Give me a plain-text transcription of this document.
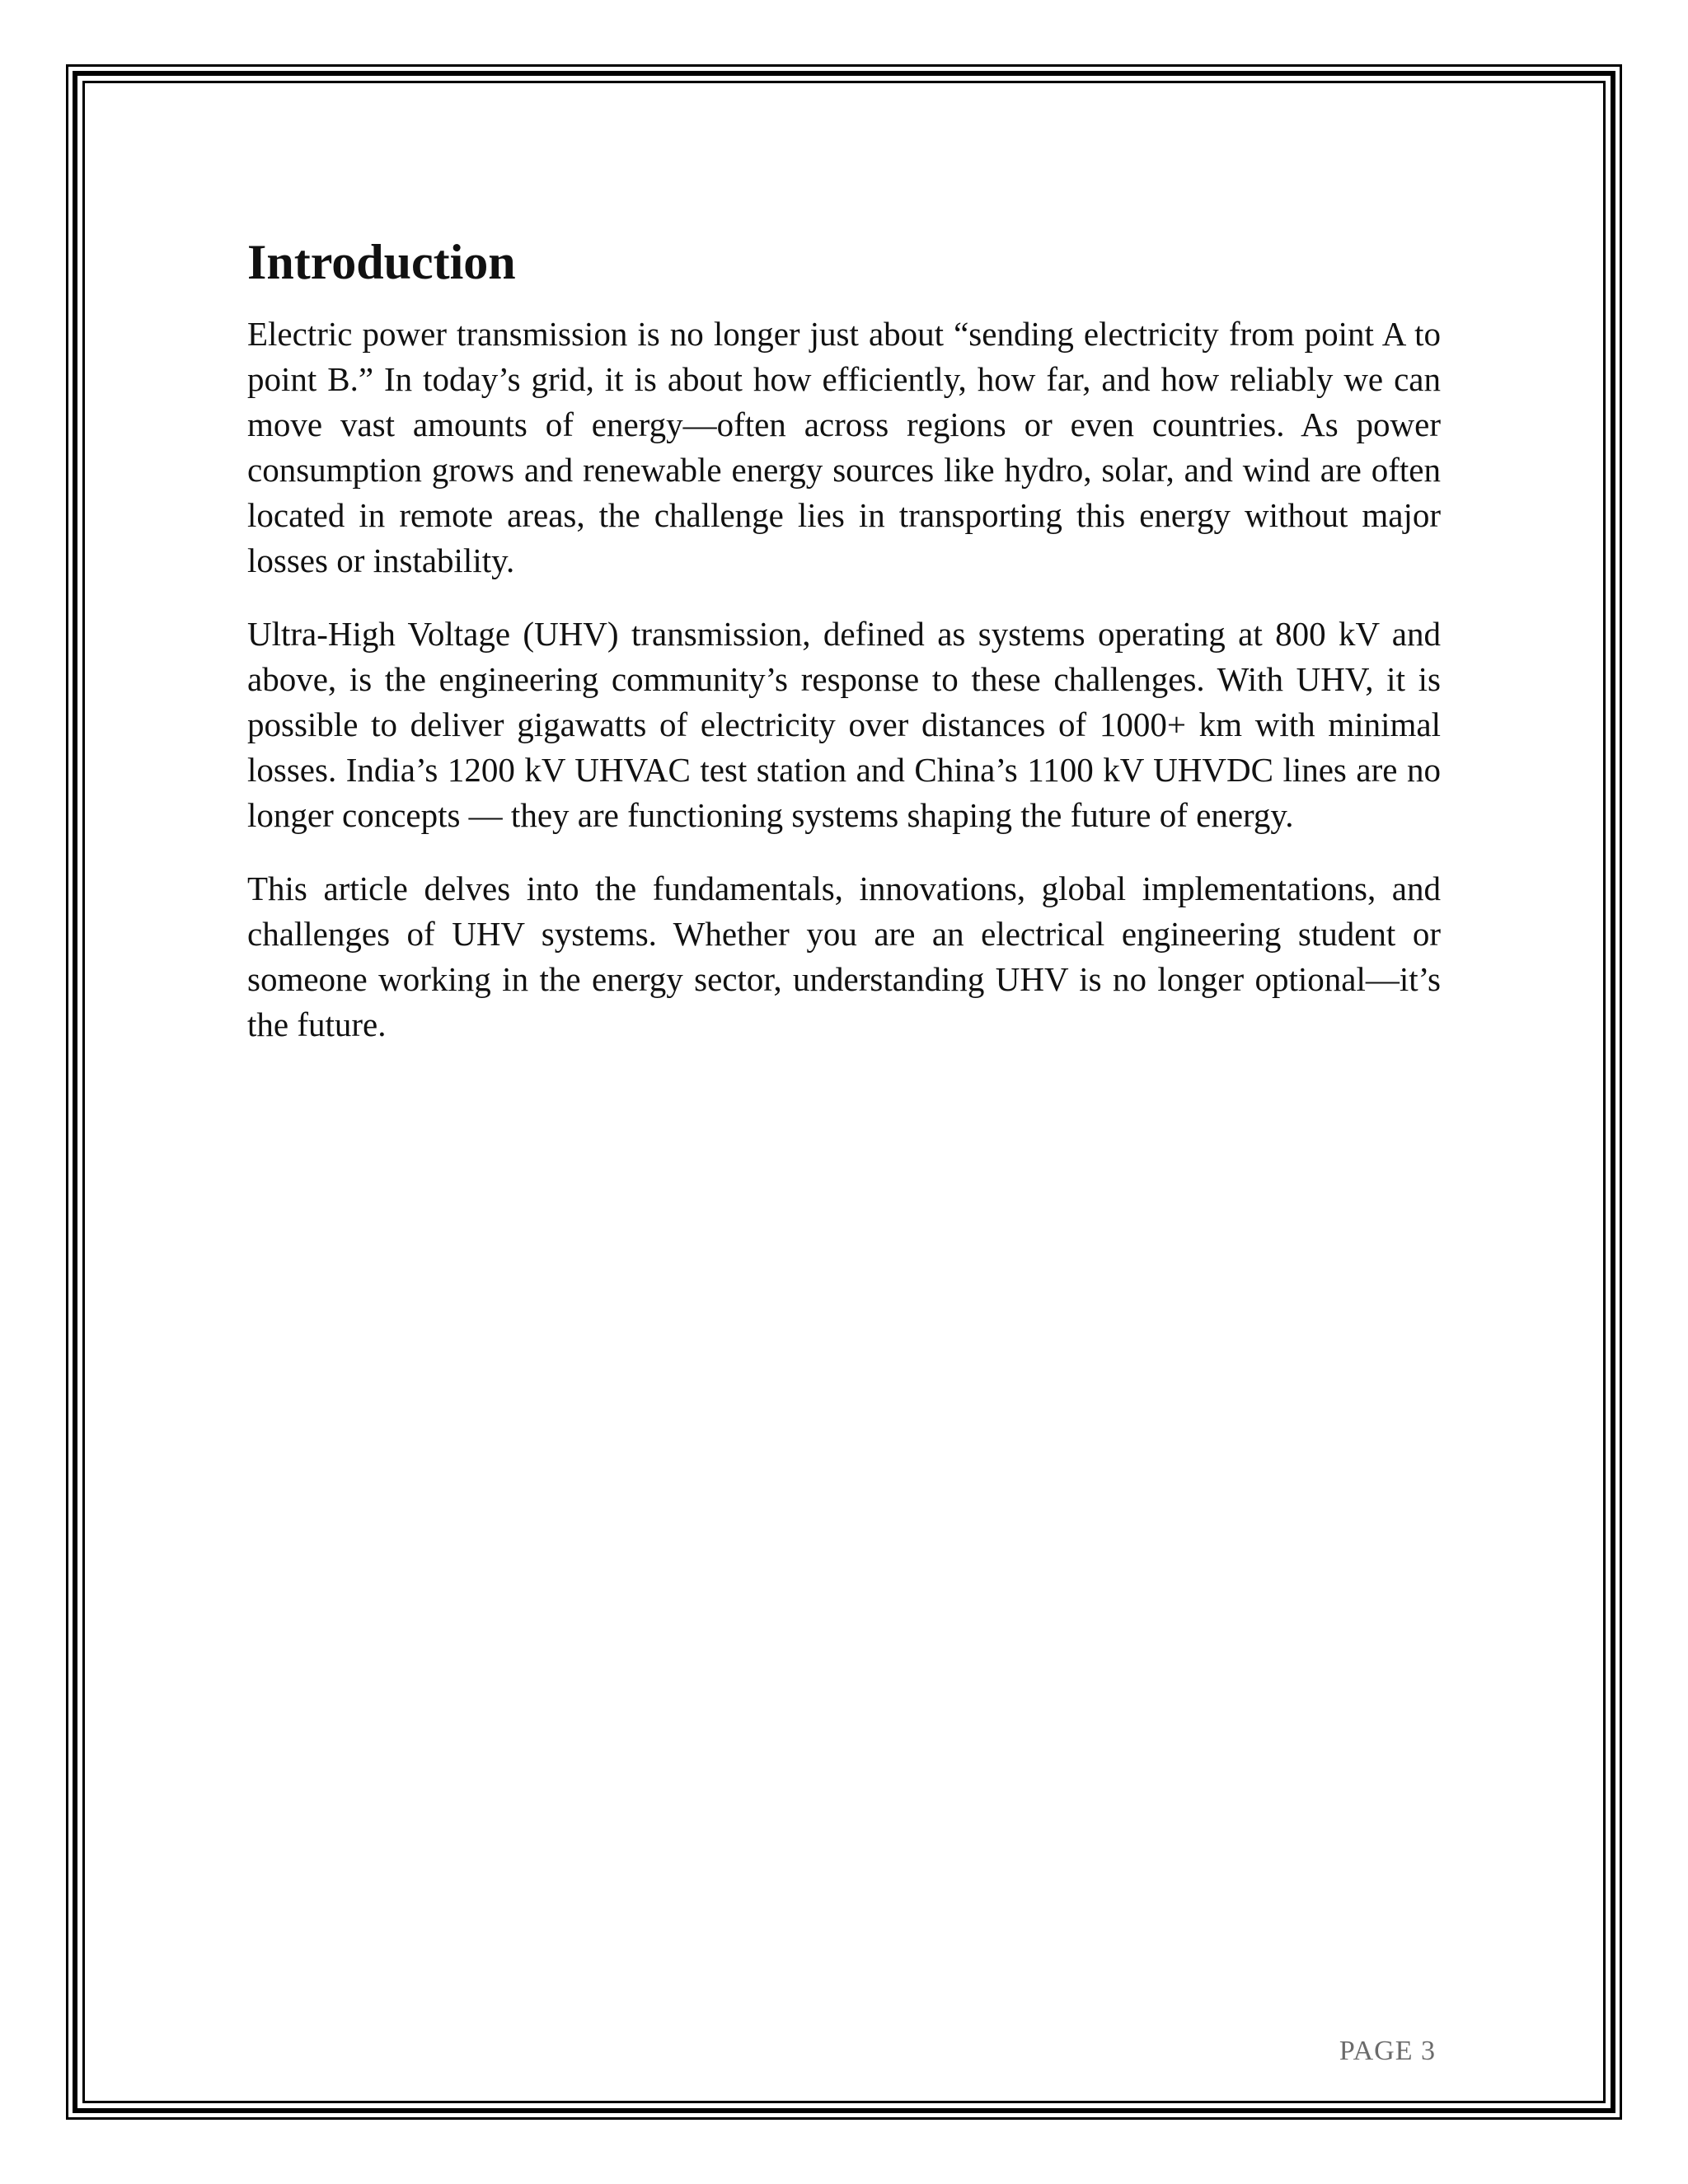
Introduction

Electric power transmission is no longer just about “sending electricity from point A to point B.” In today’s grid, it is about how efficiently, how far, and how reliably we can move vast amounts of energy—often across regions or even countries. As power consumption grows and renewable energy sources like hydro, solar, and wind are often located in remote areas, the challenge lies in transporting this energy without major losses or instability.

Ultra-High Voltage (UHV) transmission, defined as systems operating at 800 kV and above, is the engineering community’s response to these challenges. With UHV, it is possible to deliver gigawatts of electricity over distances of 1000+ km with minimal losses. India’s 1200 kV UHVAC test station and China’s 1100 kV UHVDC lines are no longer concepts — they are functioning systems shaping the future of energy.

This article delves into the fundamentals, innovations, global implementations, and challenges of UHV systems. Whether you are an electrical engineering student or someone working in the energy sector, understanding UHV is no longer optional—it’s the future.

PAGE 3
